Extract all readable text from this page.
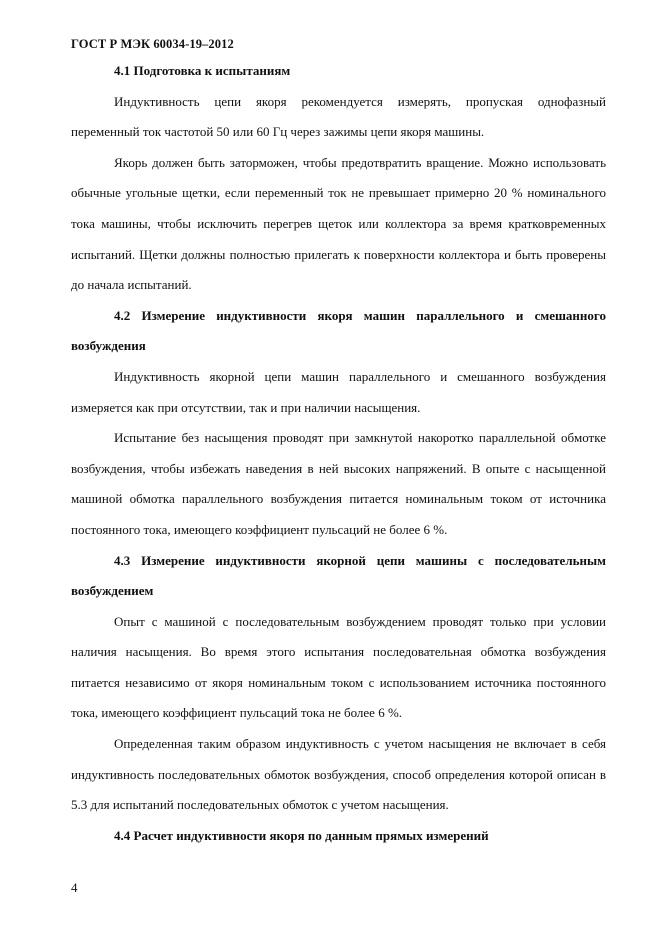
ГОСТ Р МЭК 60034-19–2012
4.1 Подготовка к испытаниям

Индуктивность цепи якоря рекомендуется измерять, пропуская однофазный переменный ток частотой 50 или 60 Гц через зажимы цепи якоря машины.

Якорь должен быть заторможен, чтобы предотвратить вращение. Можно использовать обычные угольные щетки, если переменный ток не превышает примерно 20 % номинального тока машины, чтобы исключить перегрев щеток или коллектора за время кратковременных испытаний. Щетки должны полностью прилегать к поверхности коллектора и быть проверены до начала испытаний.

4.2 Измерение индуктивности якоря машин параллельного и смешанного возбуждения

Индуктивность якорной цепи машин параллельного и смешанного возбуждения измеряется как при отсутствии, так и при наличии насыщения.

Испытание без насыщения проводят при замкнутой накоротко параллельной обмотке возбуждения, чтобы избежать наведения в ней высоких напряжений. В опыте с насыщенной машиной обмотка параллельного возбуждения питается номинальным током от источника постоянного тока, имеющего коэффициент пульсаций не более 6 %.

4.3 Измерение индуктивности якорной цепи машины с последовательным возбуждением

Опыт с машиной с последовательным возбуждением проводят только при условии наличия насыщения. Во время этого испытания последовательная обмотка возбуждения питается независимо от якоря номинальным током с использованием источника постоянного тока, имеющего коэффициент пульсаций тока не более 6 %.

Определенная таким образом индуктивность с учетом насыщения не включает в себя индуктивность последовательных обмоток возбуждения, способ определения которой описан в 5.3 для испытаний последовательных обмоток с учетом насыщения.

4.4 Расчет индуктивности якоря по данным прямых измерений
4
